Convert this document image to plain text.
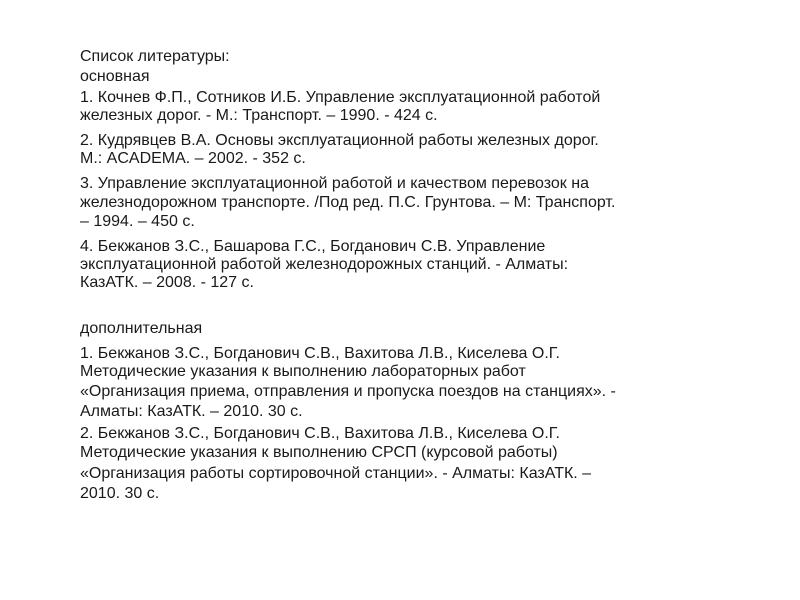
Список литературы:
основная
1. Кочнев Ф.П., Сотников И.Б. Управление эксплуатационной работой
железных дорог. - М.: Транспорт. – 1990. - 424 с.
2. Кудрявцев В.А. Основы эксплуатационной работы железных дорог.
М.: ACADEMA. – 2002. - 352 с.
3. Управление эксплуатационной работой и качеством перевозок на
железнодорожном транспорте. /Под ред. П.С. Грунтова. – М: Транспорт.
– 1994. – 450 с.
4. Бекжанов З.С., Башарова Г.С., Богданович С.В. Управление
эксплуатационной работой железнодорожных станций. - Алматы:
КазАТК. – 2008. - 127 с.
дополнительная
1. Бекжанов З.С., Богданович С.В., Вахитова Л.В., Киселева О.Г.
Методические указания к выполнению лабораторных работ
«Организация приема, отправления и пропуска поездов на станциях». -
Алматы: КазАТК. – 2010. 30 с.
2. Бекжанов З.С., Богданович С.В., Вахитова Л.В., Киселева О.Г.
Методические указания к выполнению СРСП (курсовой работы)
«Организация работы сортировочной станции». - Алматы: КазАТК. –
2010. 30 с.
